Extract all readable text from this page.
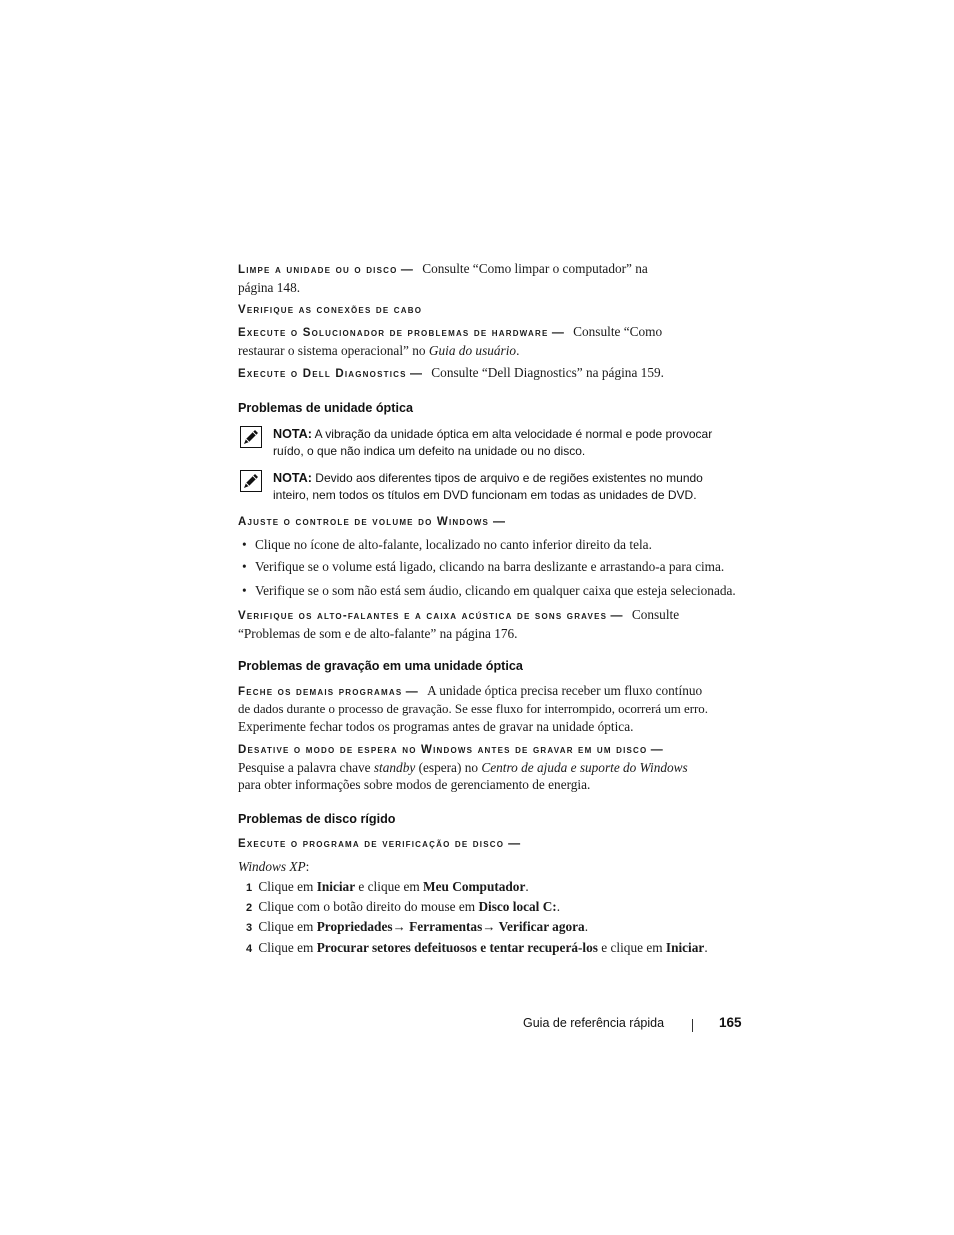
Limpe a unidade ou o disco — Consulte “Como limpar o computador” na
página 148.
Verifique as conexões de cabo
Execute o Solucionador de problemas de hardware — Consulte “Como
restaurar o sistema operacional” no Guia do usuário.
Execute o Dell Diagnostics — Consulte “Dell Diagnostics” na página 159.
Problemas de unidade óptica
NOTA: A vibração da unidade óptica em alta velocidade é normal e pode provocar
ruído, o que não indica um defeito na unidade ou no disco.
NOTA: Devido aos diferentes tipos de arquivo e de regiões existentes no mundo
inteiro, nem todos os títulos em DVD funcionam em todas as unidades de DVD.
Ajuste o controle de volume do Windows —
• Clique no ícone de alto-falante, localizado no canto inferior direito da tela.
• Verifique se o volume está ligado, clicando na barra deslizante e arrastando-a para cima.
• Verifique se o som não está sem áudio, clicando em qualquer caixa que esteja selecionada.
Verifique os alto-falantes e a caixa acústica de sons graves — Consulte
“Problemas de som e de alto-falante” na página 176.
Problemas de gravação em uma unidade óptica
Feche os demais programas — A unidade óptica precisa receber um fluxo contínuo
de dados durante o processo de gravação. Se esse fluxo for interrompido, ocorrerá um erro.
Experimente fechar todos os programas antes de gravar na unidade óptica.
Desative o modo de espera no Windows antes de gravar em um disco —
Pesquise a palavra chave standby (espera) no Centro de ajuda e suporte do Windows
para obter informações sobre modos de gerenciamento de energia.
Problemas de disco rígido
Execute o programa de verificação de disco —
Windows XP:
1 Clique em Iniciar e clique em Meu Computador.
2 Clique com o botão direito do mouse em Disco local C:.
3 Clique em Propriedades→ Ferramentas→ Verificar agora.
4 Clique em Procurar setores defeituosos e tentar recuperá-los e clique em Iniciar.
Guia de referência rápida	165
